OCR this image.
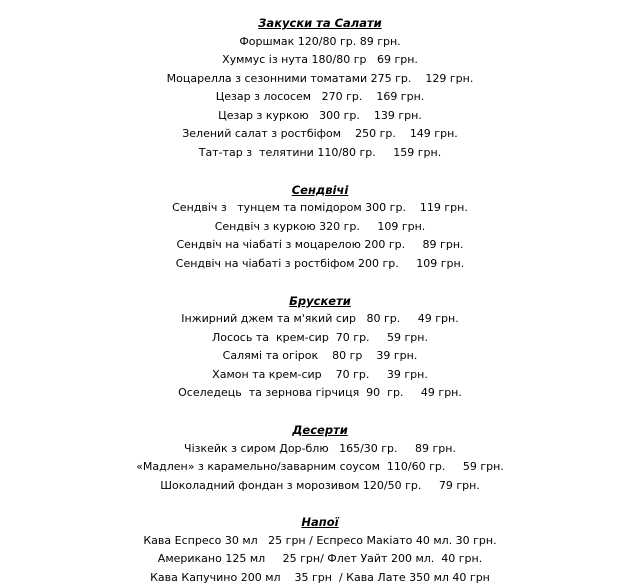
Закуски та Салати
Форшмак 120/80 гр. 89 грн.
Хуммус із нута 180/80 гр   69 грн.
Моцарелла з сезонними томатами 275 гр.    129 грн.
Цезар з лососем   270 гр.    169 грн.
Цезар з куркою   300 гр.    139 грн.
Зелений салат з ростбіфом    250 гр.    149 грн.
Тат-тар з  телятини 110/80 гр.     159 грн.
Сендвічі
Сендвіч з   тунцем та помідором 300 гр.    119 грн.
Сендвіч з куркою 320 гр.     109 грн.
Сендвіч на чіабаті з моцарелою 200 гр.     89 грн.
Сендвіч на чіабаті з ростбіфом 200 гр.     109 грн.
Брускети
Інжирний джем та м'який сир   80 гр.     49 грн.
Лосось та  крем-сир  70 гр.     59 грн.
Салямі та огірок    80 гр    39 грн.
Хамон та крем-сир    70 гр.     39 грн.
Оселедець  та зернова гірчиця  90  гр.     49 грн.
Десерти
Чізкейк з сиром Дор-блю   165/30 гр.     89 грн.
«Мадлен» з карамельно/заварним соусом  110/60 гр.     59 грн.
Шоколадний фондан з морозивом 120/50 гр.     79 грн.
Напої
Кава Еспресо 30 мл   25 грн / Еспресо Макіато 40 мл. 30 грн.
Американо 125 мл     25 грн/ Флет Уайт 200 мл.  40 грн.
Кава Капучино 200 мл    35 грн  / Кава Лате 350 мл 40 грн
